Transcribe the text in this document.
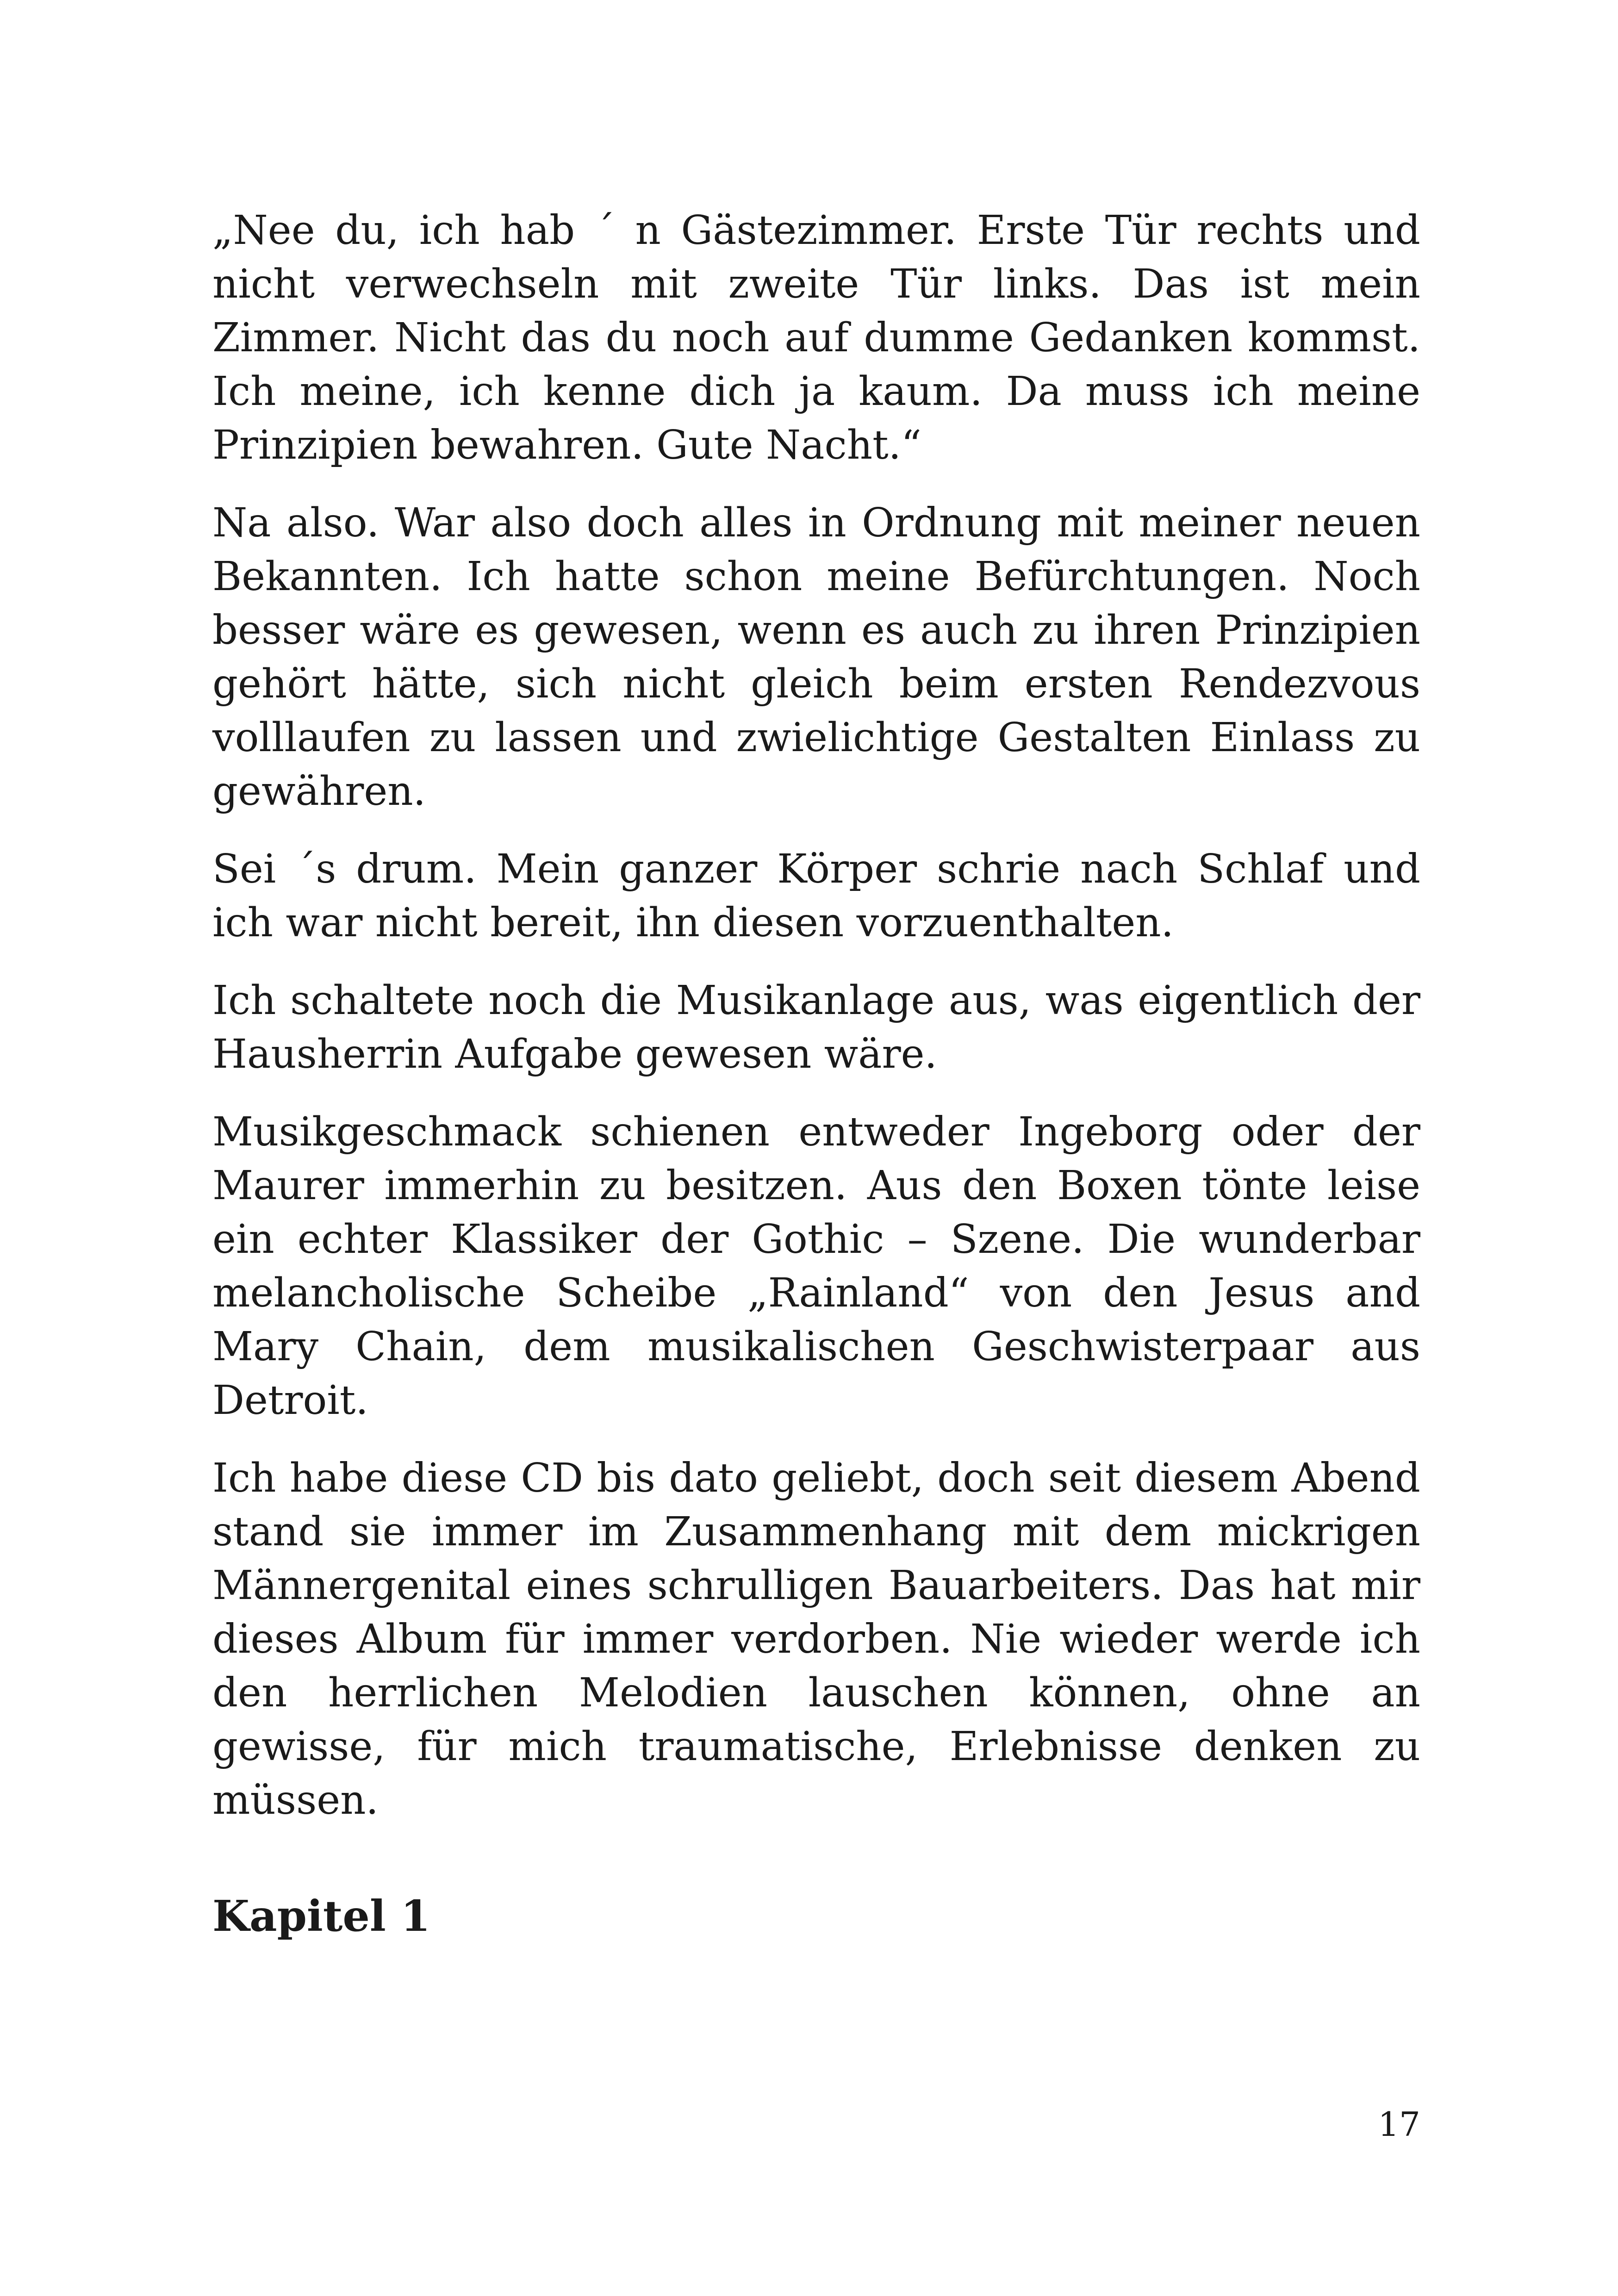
„Nee du, ich hab ´ n Gästezimmer. Erste Tür rechts und nicht verwechseln mit zweite Tür links. Das ist mein Zimmer. Nicht das du noch auf dumme Gedanken kommst. Ich meine, ich kenne dich ja kaum. Da muss ich meine Prinzipien bewahren. Gute Nacht.“

Na also. War also doch alles in Ordnung mit meiner neuen Bekannten. Ich hatte schon meine Befürchtungen. Noch besser wäre es gewesen, wenn es auch zu ihren Prinzipien gehört hätte, sich nicht gleich beim ersten Rendezvous volllaufen zu lassen und zwielichtige Gestalten Einlass zu gewähren.

Sei ´s drum. Mein ganzer Körper schrie nach Schlaf und ich war nicht bereit, ihn diesen vorzuenthalten.

Ich schaltete noch die Musikanlage aus, was eigentlich der Hausherrin Aufgabe gewesen wäre.

Musikgeschmack schienen entweder Ingeborg oder der Maurer immerhin zu besitzen. Aus den Boxen tönte leise ein echter Klassiker der Gothic – Szene. Die wunderbar melancholische Scheibe „Rainland“ von den Jesus and Mary Chain, dem musikalischen Geschwisterpaar aus Detroit.

Ich habe diese CD bis dato geliebt, doch seit diesem Abend stand sie immer im Zusammenhang mit dem mickrigen Männergenital eines schrulligen Bauarbeiters. Das hat mir dieses Album für immer verdorben. Nie wieder werde ich den herrlichen Melodien lauschen können, ohne an gewisse, für mich traumatische, Erlebnisse denken zu müssen.

Kapitel 1
17
